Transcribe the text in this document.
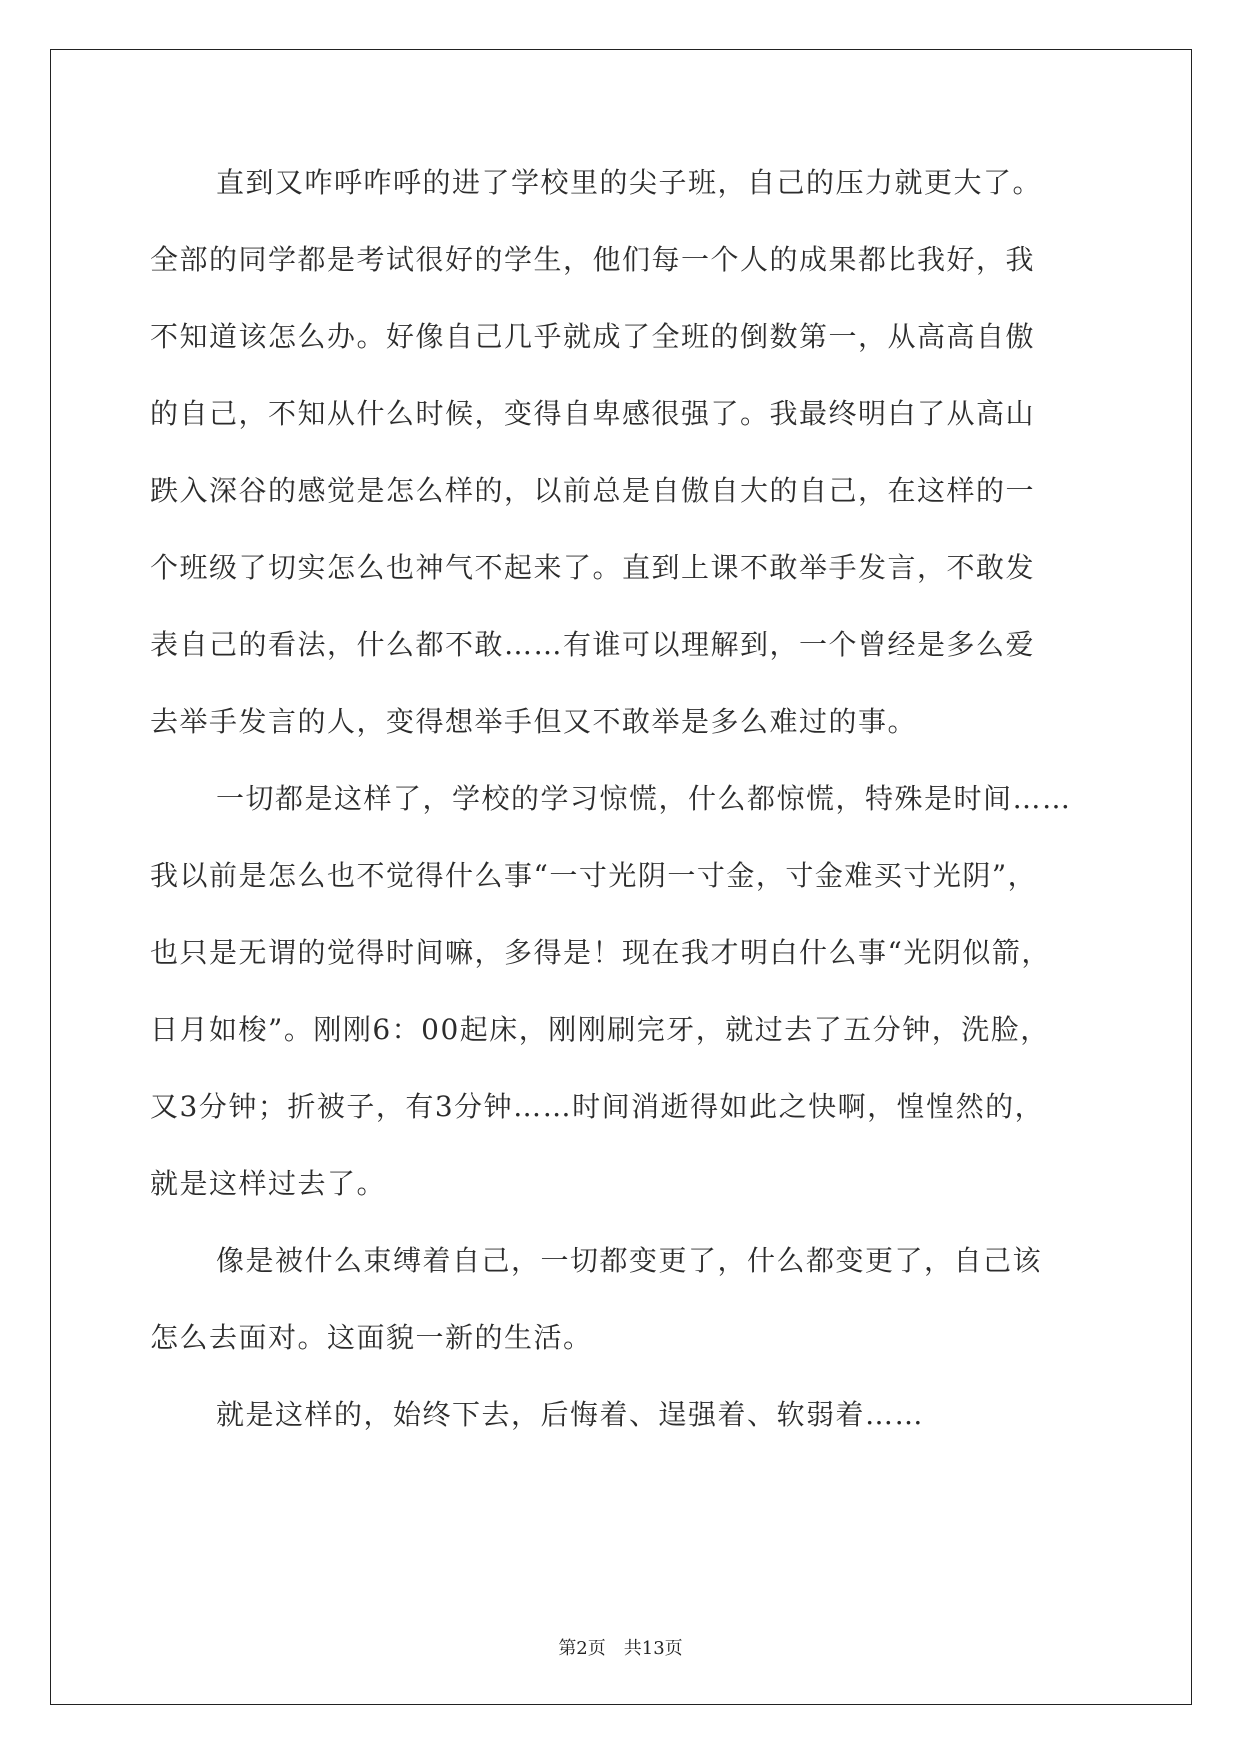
直到又咋呼咋呼的进了学校里的尖子班，自己的压力就更大了。
全部的同学都是考试很好的学生，他们每一个人的成果都比我好，我
不知道该怎么办。好像自己几乎就成了全班的倒数第一，从高高自傲
的自己，不知从什么时候，变得自卑感很强了。我最终明白了从高山
跌入深谷的感觉是怎么样的，以前总是自傲自大的自己，在这样的一
个班级了切实怎么也神气不起来了。直到上课不敢举手发言，不敢发
表自己的看法，什么都不敢……有谁可以理解到，一个曾经是多么爱
去举手发言的人，变得想举手但又不敢举是多么难过的事。
一切都是这样了，学校的学习惊慌，什么都惊慌，特殊是时间……
我以前是怎么也不觉得什么事“一寸光阴一寸金，寸金难买寸光阴”，
也只是无谓的觉得时间嘛，多得是！现在我才明白什么事“光阴似箭，
日月如梭”。刚刚6：00起床，刚刚刷完牙，就过去了五分钟，洗脸，
又3分钟；折被子，有3分钟……时间消逝得如此之快啊，惶惶然的，
就是这样过去了。
像是被什么束缚着自己，一切都变更了，什么都变更了，自己该
怎么去面对。这面貌一新的生活。
就是这样的，始终下去，后悔着、逞强着、软弱着……
第2页　共13页
